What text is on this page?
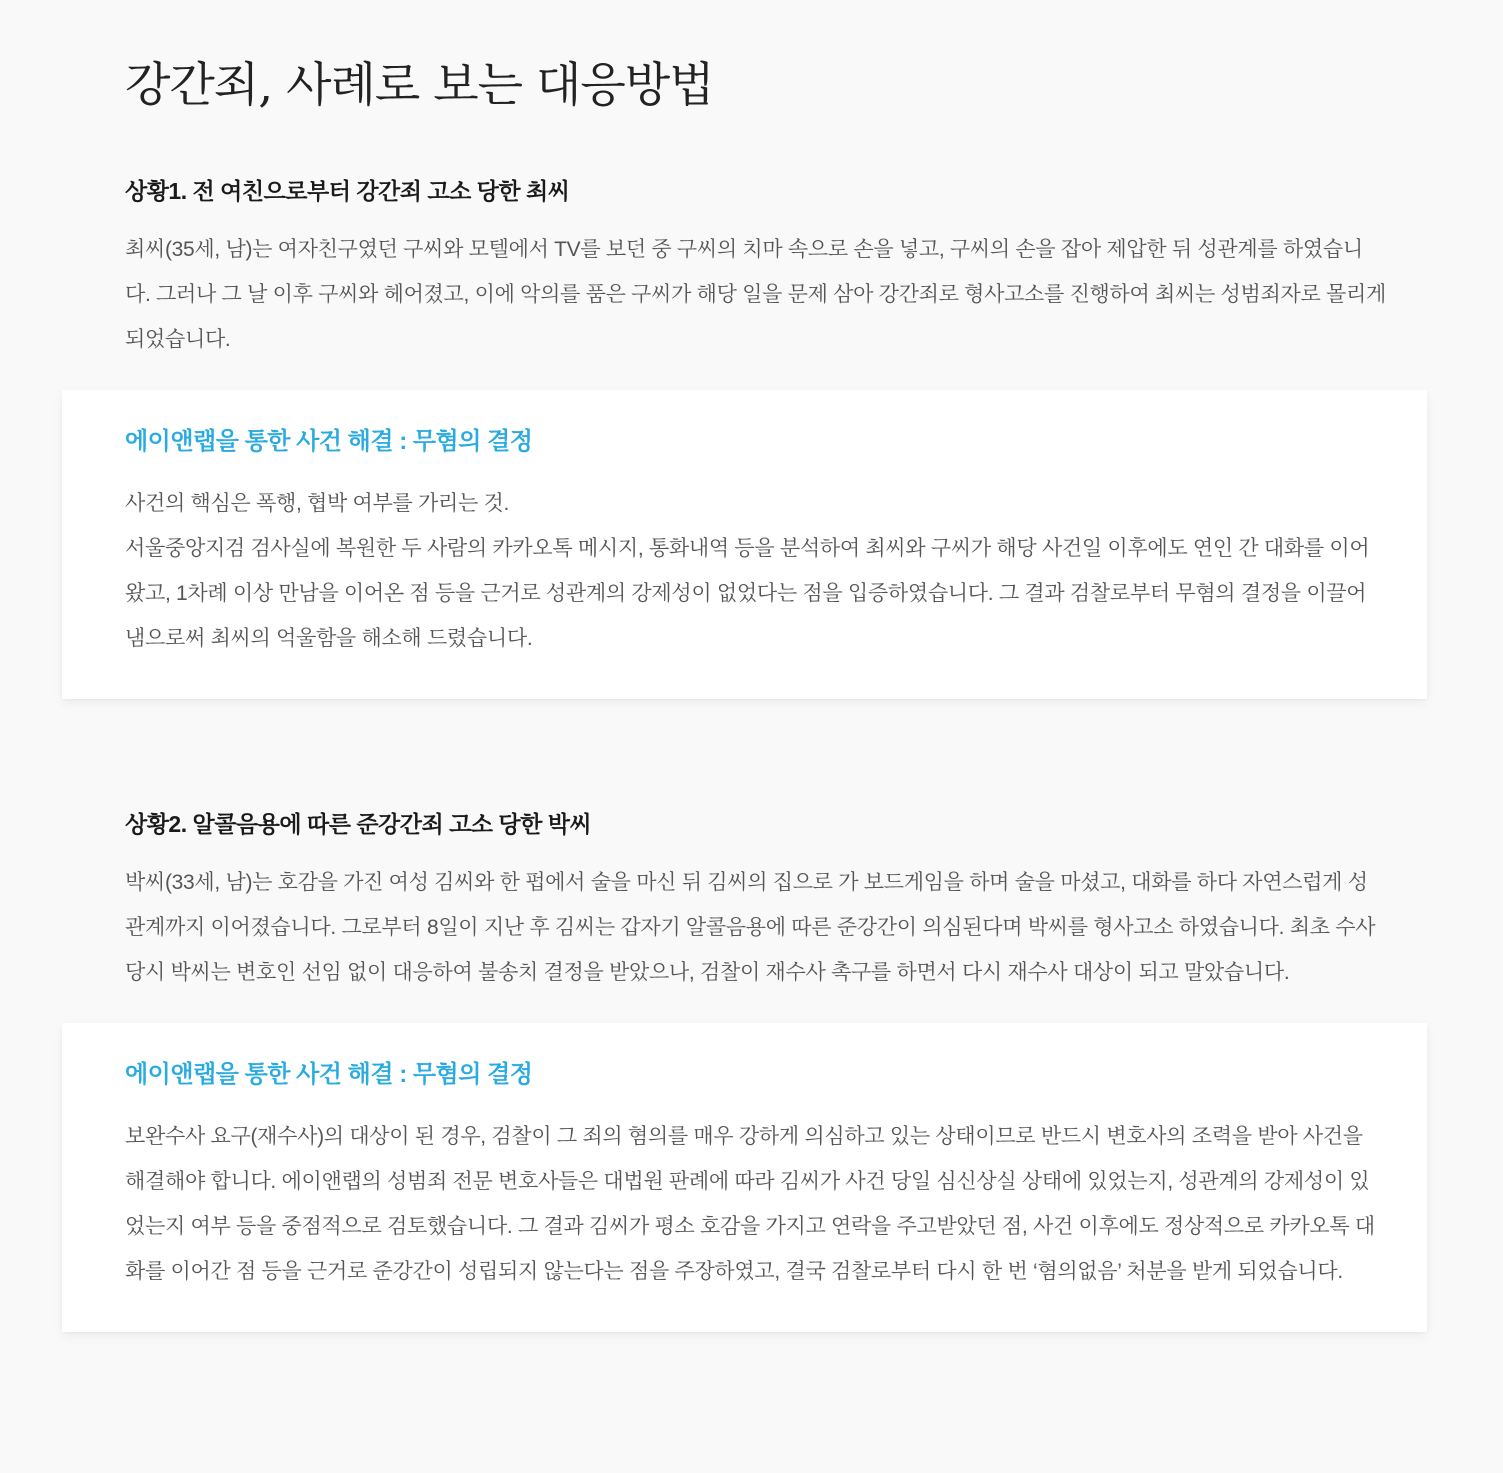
강간죄, 사례로 보는 대응방법
상황1. 전 여친으로부터 강간죄 고소 당한 최씨

최씨(35세, 남)는 여자친구였던 구씨와 모텔에서 TV를 보던 중 구씨의 치마 속으로 손을 넣고, 구씨의 손을 잡아 제압한 뒤 성관계를 하였습니다. 그러나 그 날 이후 구씨와 헤어졌고, 이에 악의를 품은 구씨가 해당 일을 문제 삼아 강간죄로 형사고소를 진행하여 최씨는 성범죄자로 몰리게 되었습니다.

에이앤랩을 통한 사건 해결 : 무혐의 결정
사건의 핵심은 폭행, 협박 여부를 가리는 것.
서울중앙지검 검사실에 복원한 두 사람의 카카오톡 메시지, 통화내역 등을 분석하여 최씨와 구씨가 해당 사건일 이후에도 연인 간 대화를 이어왔고, 1차례 이상 만남을 이어온 점 등을 근거로 성관계의 강제성이 없었다는 점을 입증하였습니다. 그 결과 검찰로부터 무혐의 결정을 이끌어 냄으로써 최씨의 억울함을 해소해 드렸습니다.
상황2. 알콜음용에 따른 준강간죄 고소 당한 박씨

박씨(33세, 남)는 호감을 가진 여성 김씨와 한 펍에서 술을 마신 뒤 김씨의 집으로 가 보드게임을 하며 술을 마셨고, 대화를 하다 자연스럽게 성관계까지 이어졌습니다. 그로부터 8일이 지난 후 김씨는 갑자기 알콜음용에 따른 준강간이 의심된다며 박씨를 형사고소 하였습니다. 최초 수사 당시 박씨는 변호인 선임 없이 대응하여 불송치 결정을 받았으나, 검찰이 재수사 촉구를 하면서 다시 재수사 대상이 되고 말았습니다.

에이앤랩을 통한 사건 해결 : 무혐의 결정
보완수사 요구(재수사)의 대상이 된 경우, 검찰이 그 죄의 혐의를 매우 강하게 의심하고 있는 상태이므로 반드시 변호사의 조력을 받아 사건을 해결해야 합니다. 에이앤랩의 성범죄 전문 변호사들은 대법원 판례에 따라 김씨가 사건 당일 심신상실 상태에 있었는지, 성관계의 강제성이 있었는지 여부 등을 중점적으로 검토했습니다. 그 결과 김씨가 평소 호감을 가지고 연락을 주고받았던 점, 사건 이후에도 정상적으로 카카오톡 대화를 이어간 점 등을 근거로 준강간이 성립되지 않는다는 점을 주장하였고, 결국 검찰로부터 다시 한 번 ‘혐의없음’ 처분을 받게 되었습니다.
